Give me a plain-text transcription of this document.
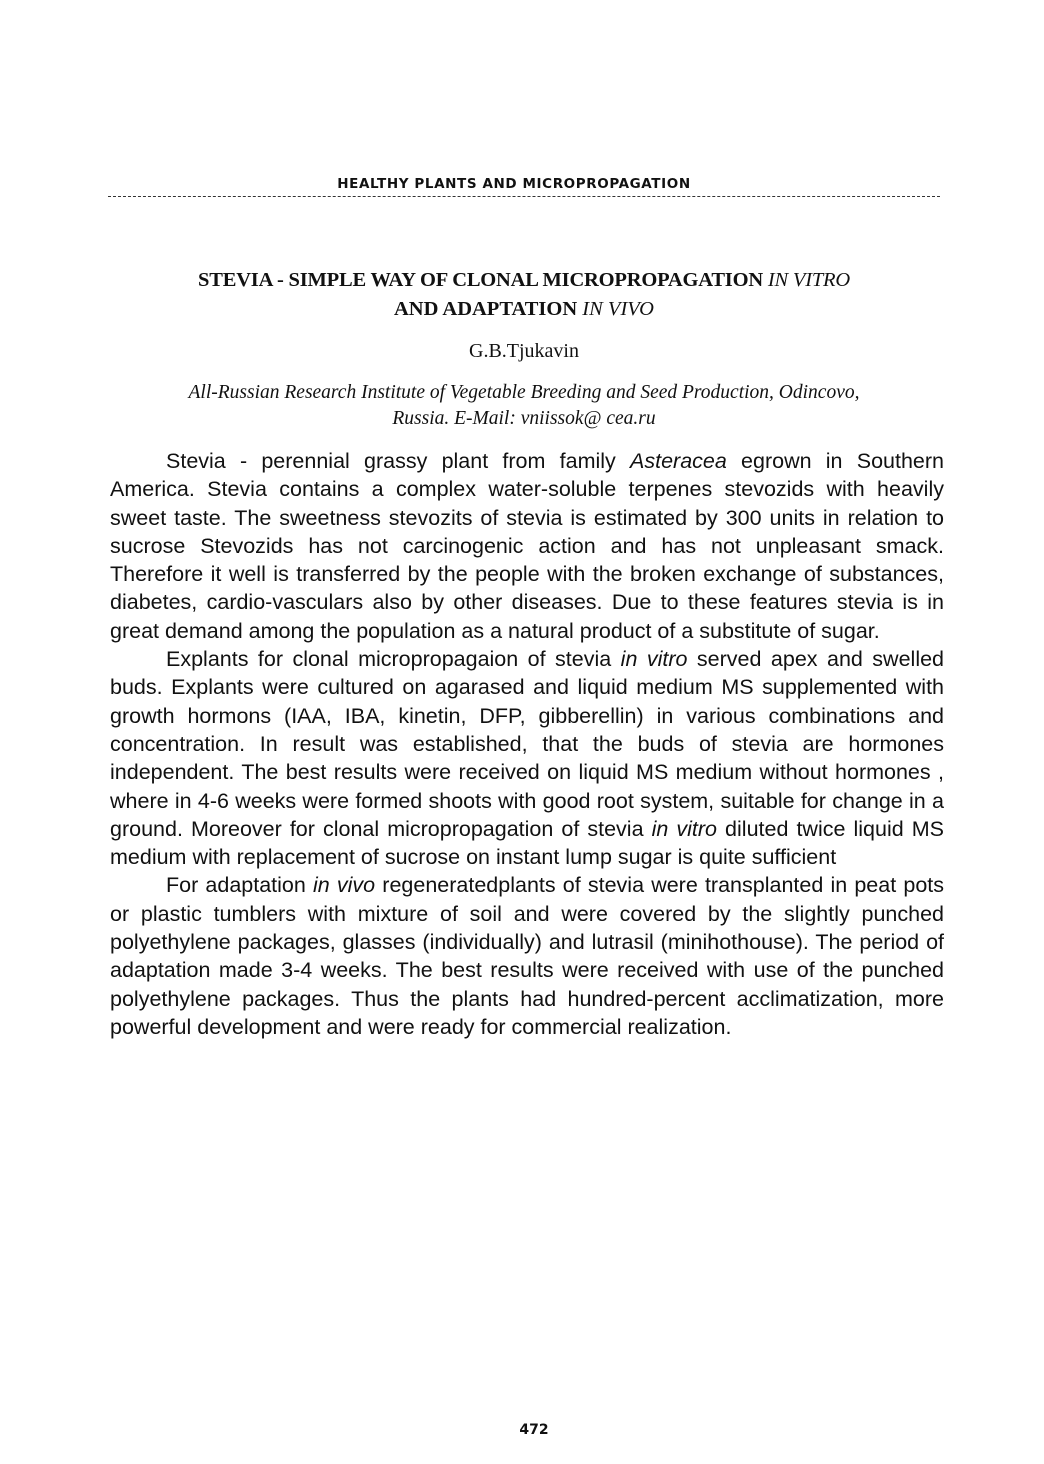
HEALTHY PLANTS AND MICROPROPAGATION
STEVIA - SIMPLE WAY OF CLONAL MICROPROPAGATION IN VITRO
AND ADAPTATION IN VIVO
G.B.Tjukavin
All-Russian Research Institute of Vegetable Breeding and Seed Production, Odincovo,
Russia. E-Mail: vniissok@ cea.ru

Stevia - perennial grassy plant from family Asteracea egrown in Southern America. Stevia contains a complex water-soluble terpenes stevozids with heavily sweet taste. The sweetness stevozits of stevia is estimated by 300 units in relation to sucrose Stevozids has not carcinogenic action and has not unpleasant smack. Therefore it well is transferred by the people with the broken exchange of substances, diabetes, cardio-vasculars also by other diseases. Due to these features stevia is in great demand among the population as a natural product of a substitute of sugar.

Explants for clonal micropropagaion of stevia in vitro served apex and swelled buds. Explants were cultured on agarased and liquid medium MS supplemented with growth hormons (IAA, IBA, kinetin, DFP, gibberellin) in various combinations and concentration. In result was established, that the buds of stevia are hormones independent. The best results were received on liquid MS medium without hormones , where in 4-6 weeks were formed shoots with good root system, suitable for change in a ground. Moreover for clonal micropropagation of stevia in vitro diluted twice liquid MS medium with replacement of sucrose on instant lump sugar is quite sufficient

For adaptation in vivo regeneratedplants of stevia were transplanted in peat pots or plastic tumblers with mixture of soil and were covered by the slightly punched polyethylene packages, glasses (individually) and lutrasil (minihothouse). The period of adaptation made 3-4 weeks. The best results were received with use of the punched polyethylene packages. Thus the plants had hundred-percent acclimatization, more powerful development and were ready for commercial realization.

472
